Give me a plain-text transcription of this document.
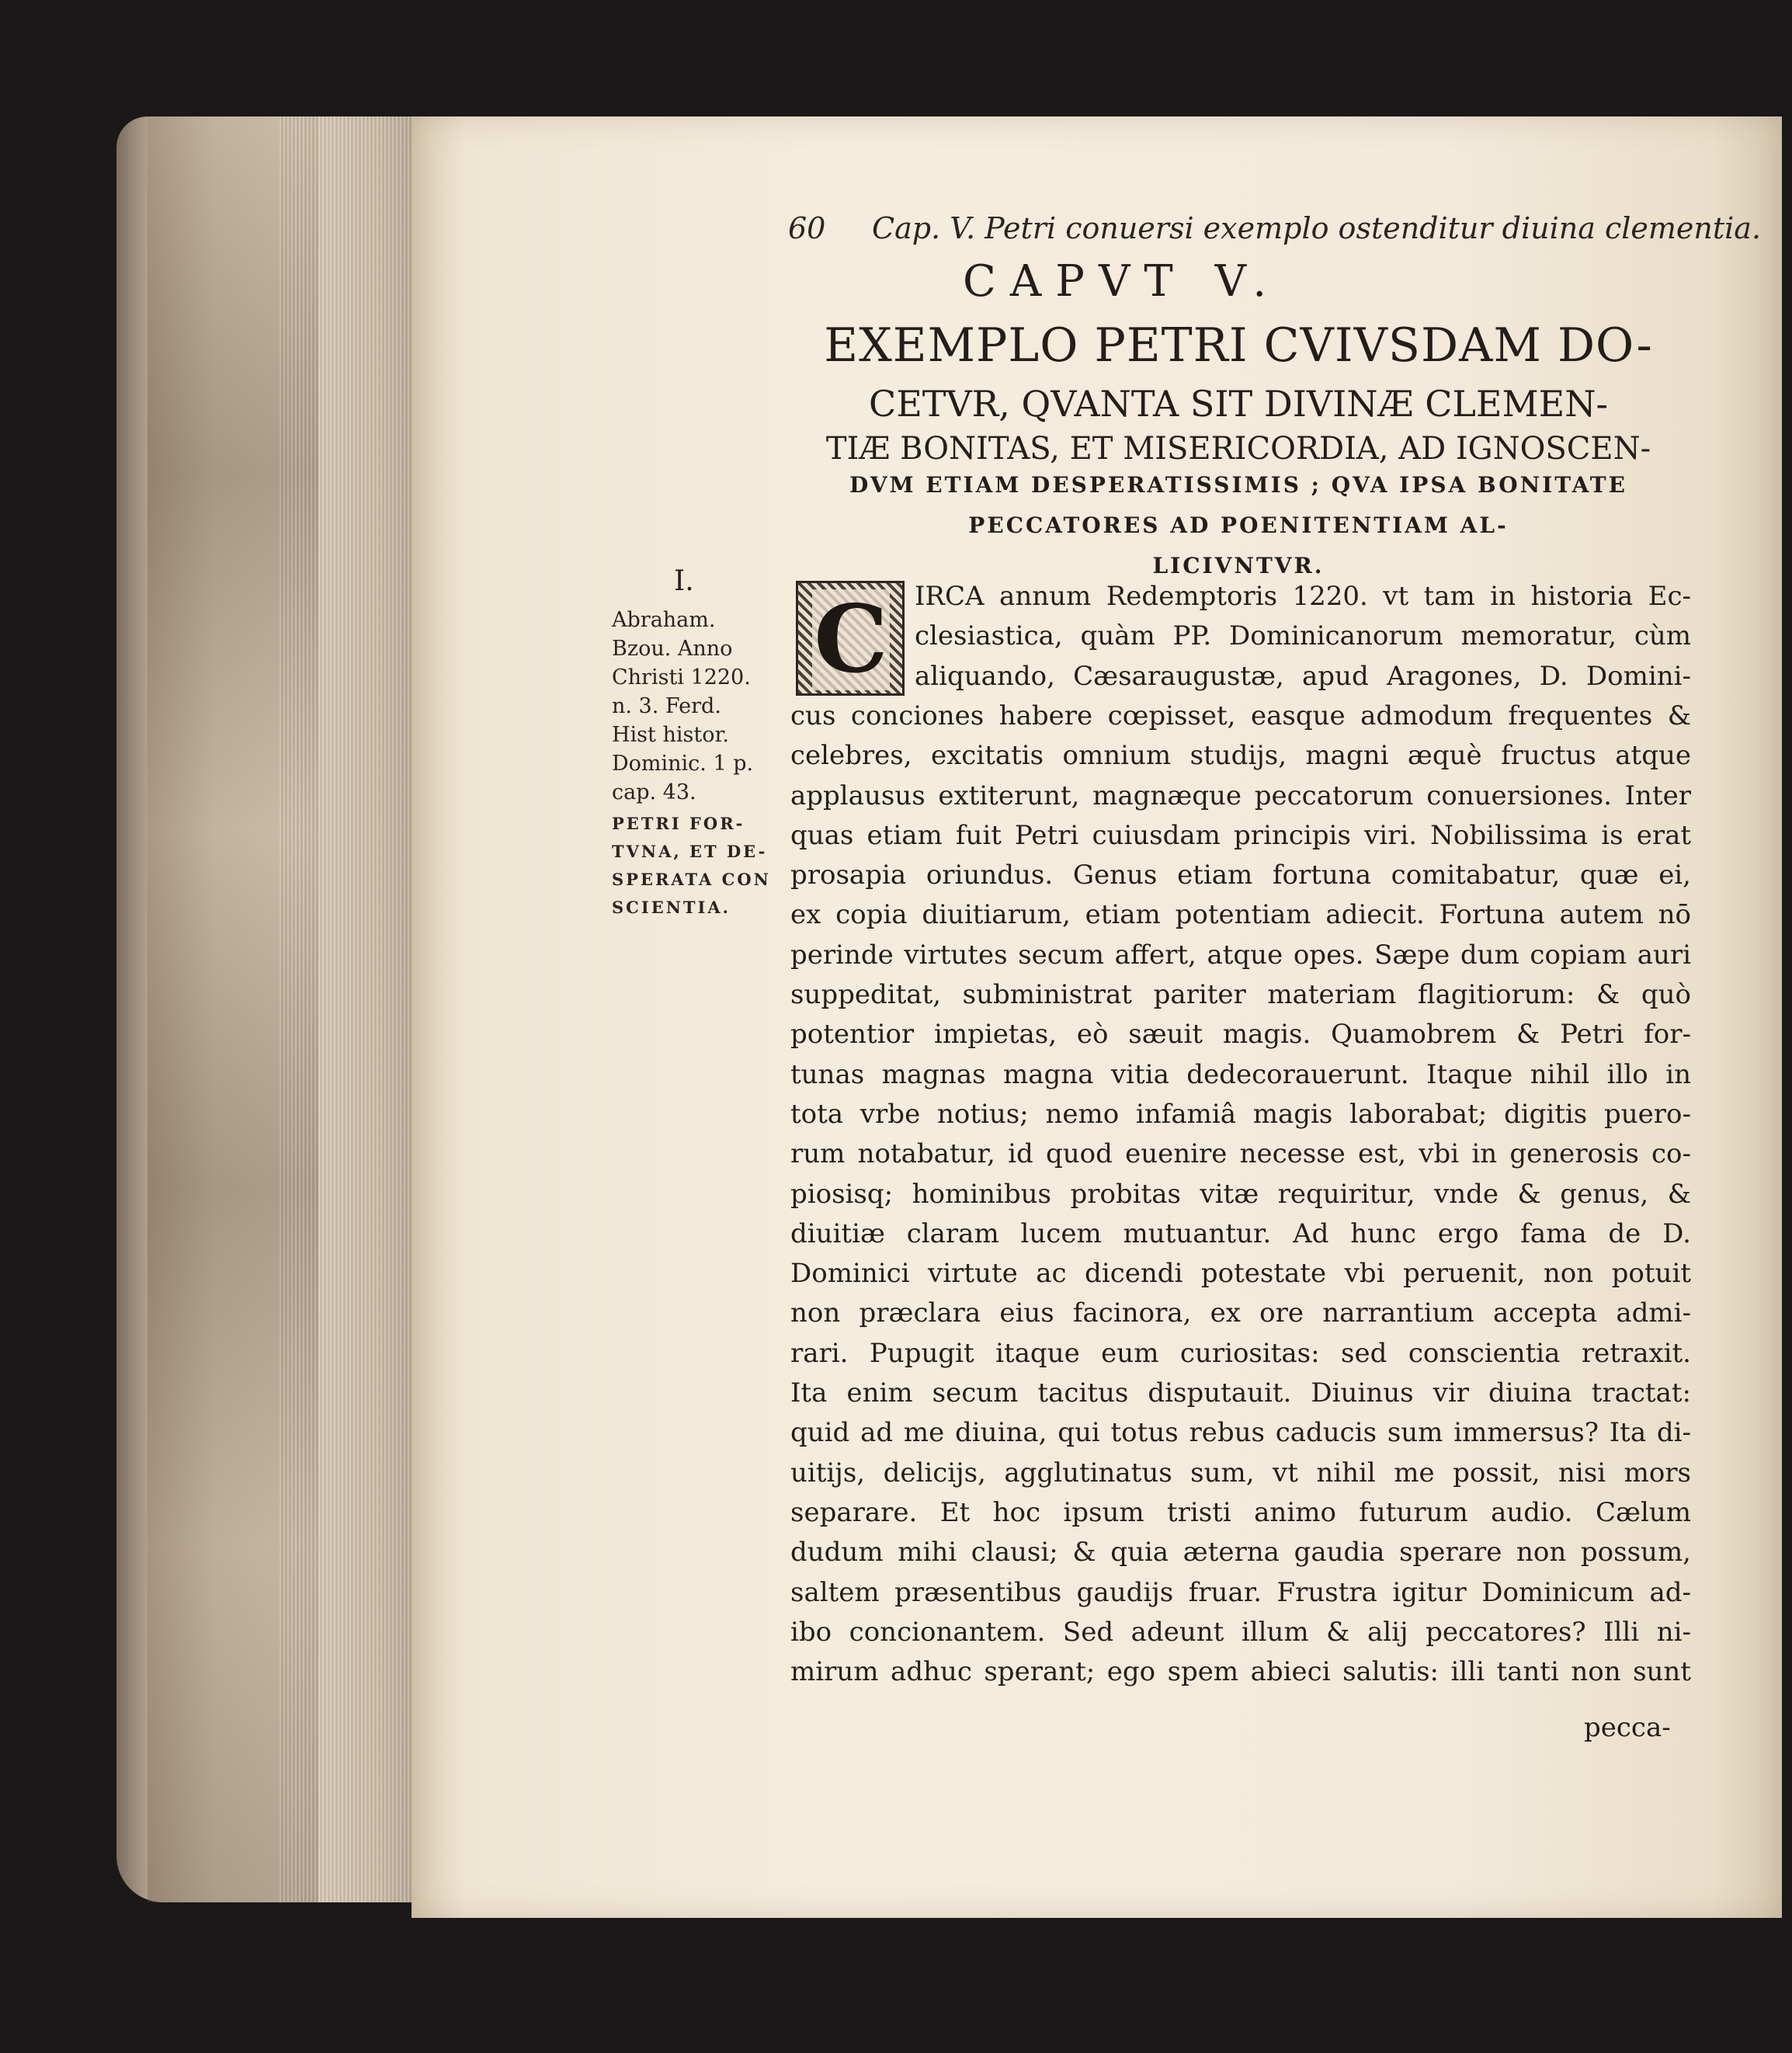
60 Cap. V. Petri conuersi exemplo ostenditur diuina clementia.
CAPVT V.
EXEMPLO PETRI CVIVSDAM DO-
CETVR, QVANTA SIT DIVINÆ CLEMEN-
TIÆ BONITAS, ET MISERICORDIA, AD IGNOSCEN-
DVM ETIAM DESPERATISSIMIS ; QVA IPSA BONITATE
PECCATORES AD POENITENTIAM AL-
LICIVNTVR.
I.
Abraham.
Bzou. Anno
Christi 1220.
n. 3. Ferd.
Hist histor.
Dominic. 1 p.
cap. 43.
PETRI FOR-
TVNA, ET DE-
SPERATA CON
SCIENTIA.
C IRCA annum Redemptoris 1220. vt tam in historia Ec-
clesiastica, quàm PP. Dominicanorum memoratur, cùm
aliquando, Cæsaraugustæ, apud Aragones, D. Domini-
cus conciones habere cœpisset, easque admodum frequentes &
celebres, excitatis omnium studijs, magni æquè fructus atque
applausus extiterunt, magnæque peccatorum conuersiones. Inter
quas etiam fuit Petri cuiusdam principis viri. Nobilissima is erat
prosapia oriundus. Genus etiam fortuna comitabatur, quæ ei,
ex copia diuitiarum, etiam potentiam adiecit. Fortuna autem nō
perinde virtutes secum affert, atque opes. Sæpe dum copiam auri
suppeditat, subministrat pariter materiam flagitiorum: & quò
potentior impietas, eò sæuit magis. Quamobrem & Petri for-
tunas magnas magna vitia dedecorauerunt. Itaque nihil illo in
tota vrbe notius; nemo infamiâ magis laborabat; digitis puero-
rum notabatur, id quod euenire necesse est, vbi in generosis co-
piosisq; hominibus probitas vitæ requiritur, vnde & genus, &
diuitiæ claram lucem mutuantur. Ad hunc ergo fama de D.
Dominici virtute ac dicendi potestate vbi peruenit, non potuit
non præclara eius facinora, ex ore narrantium accepta admi-
rari. Pupugit itaque eum curiositas: sed conscientia retraxit.
Ita enim secum tacitus disputauit. Diuinus vir diuina tractat:
quid ad me diuina, qui totus rebus caducis sum immersus? Ita di-
uitijs, delicijs, agglutinatus sum, vt nihil me possit, nisi mors
separare. Et hoc ipsum tristi animo futurum audio. Cælum
dudum mihi clausi; & quia æterna gaudia sperare non possum,
saltem præsentibus gaudijs fruar. Frustra igitur Dominicum ad-
ibo concionantem. Sed adeunt illum & alij peccatores? Illi ni-
mirum adhuc sperant; ego spem abieci salutis: illi tanti non sunt
pecca-
